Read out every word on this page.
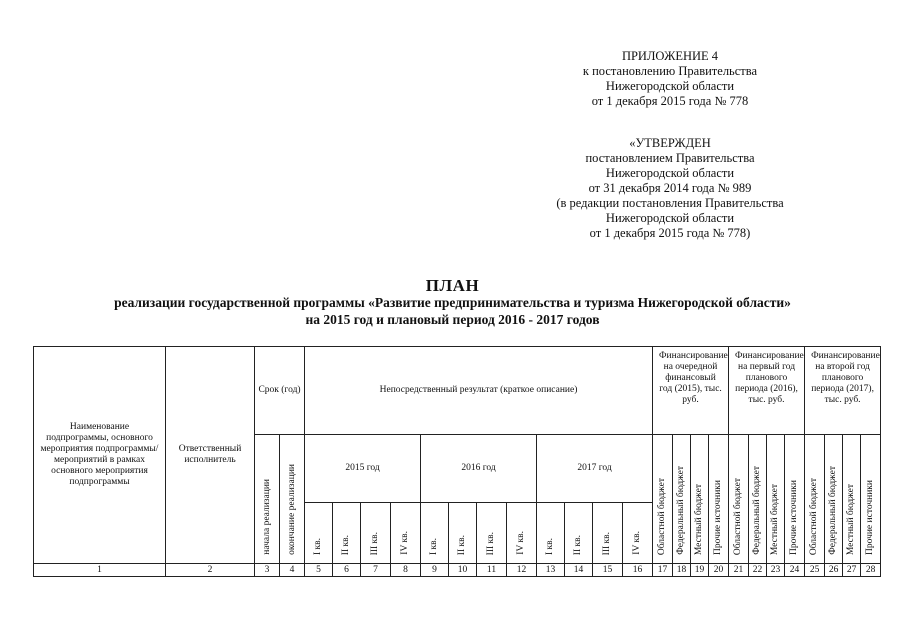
ПРИЛОЖЕНИЕ 4
к постановлению Правительства
Нижегородской области
от 1 декабря 2015 года № 778
«УТВЕРЖДЕН
постановлением Правительства
Нижегородской области
от 31 декабря 2014 года № 989
(в редакции постановления Правительства
Нижегородской области
от 1 декабря 2015 года № 778)
ПЛАН
реализации государственной программы «Развитие предпринимательства и туризма Нижегородской области»
на 2015 год и плановый период 2016 - 2017 годов
Наименование подпрограммы, основного мероприятия подпрограммы/мероприятий в рамках основного мероприятия подпрограммы	Ответственный исполнитель	Срок (год)		Непосредственный результат (краткое описание)												Финансирование на очередной финансовый год (2015), тыс. руб.				Финансирование на первый год планового периода (2016), тыс. руб.				Финансирование на второй год планового периода (2017), тыс. руб.			
		начала реализации	окончание реализации	2015 год				2016 год				2017 год				Областной бюджет	Федеральный бюджет	Местный бюджет	Прочие источники	Областной бюджет	Федеральный бюджет	Местный бюджет	Прочие источники	Областной бюджет	Федеральный бюджет	Местный бюджет	Прочие источники
				I кв.	II кв.	III кв.	IV кв.	I кв.	II кв.	III кв.	IV кв.	I кв.	II кв.	III кв.	IV кв.												
1	2	3	4	5	6	7	8	9	10	11	12	13	14	15	16	17	18	19	20	21	22	23	24	25	26	27	28
